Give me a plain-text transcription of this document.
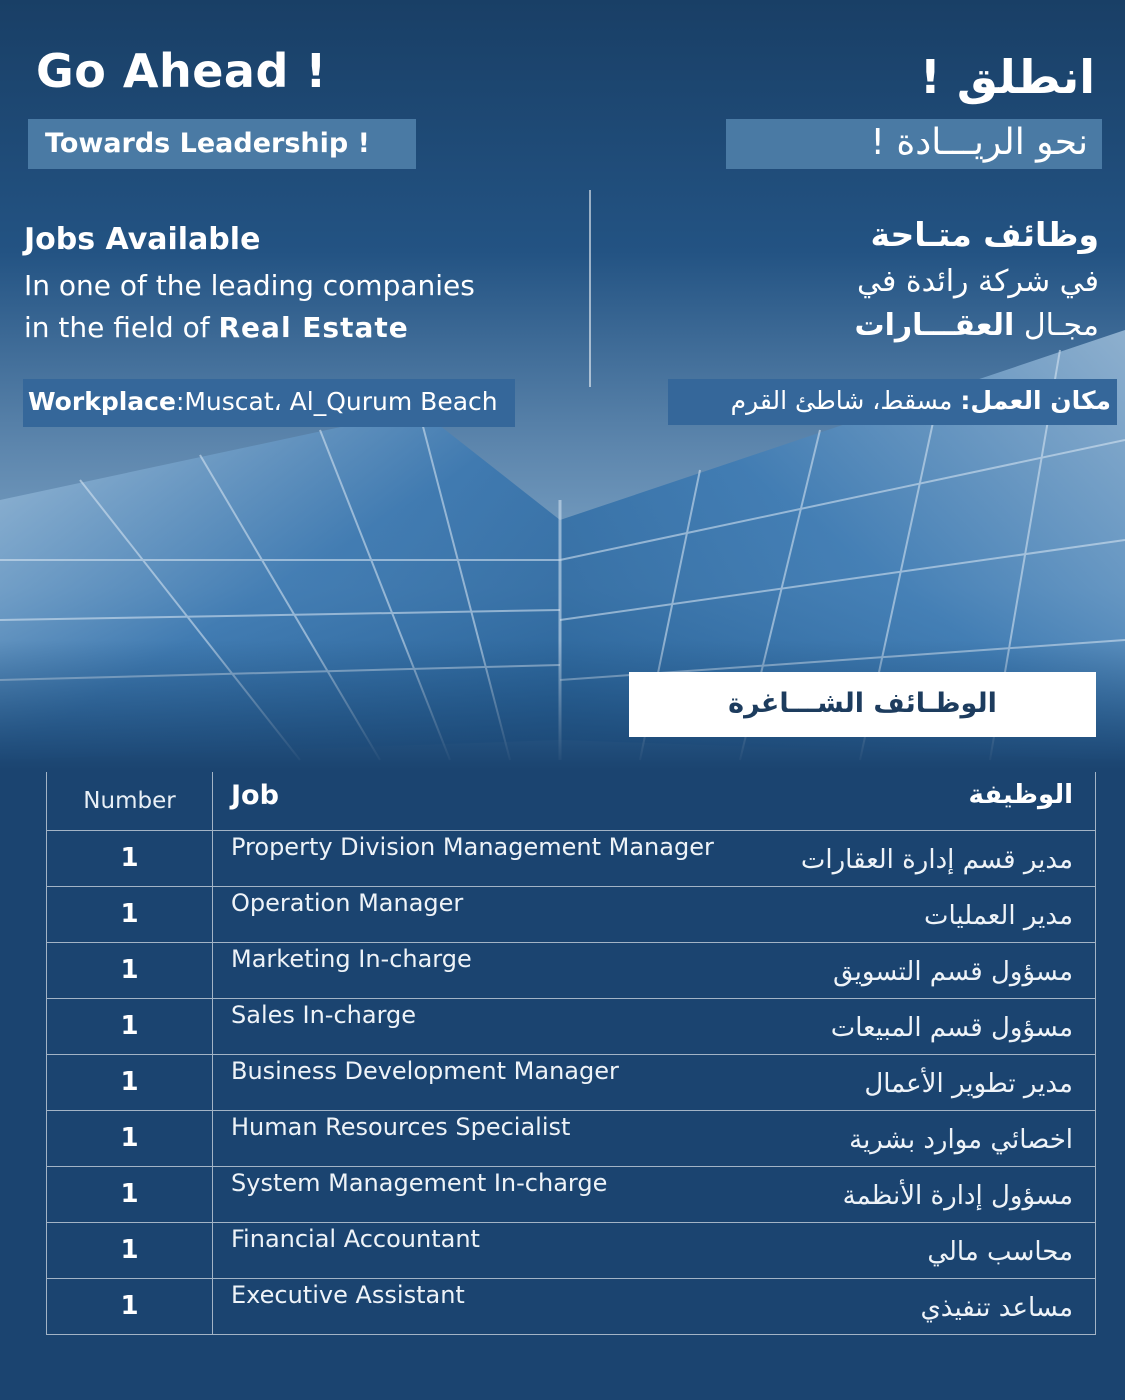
Go Ahead !
Towards Leadership !
انطلق !
نحو الريـــادة !

Jobs Available

In one of the leading companies

in the field of Real Estate

وظائف متـاحة

في شركة رائدة في

مجـال العقـــارات

Workplace:Muscat، Al_Qurum Beach	مكان العمل: مسقط، شاطئ القرم
الوظـائف الشـــاغرة
Number	Job الوظيفة

1	Property Division Management Manager مدير قسم إدارة العقارات

1	Operation Manager مدير العمليات

1	Marketing In-charge مسؤول قسم التسويق

1	Sales In-charge مسؤول قسم المبيعات

1	Business Development Manager مدير تطوير الأعمال

1	Human Resources Specialist اخصائي موارد بشرية

1	System Management In-charge مسؤول إدارة الأنظمة

1	Financial Accountant محاسب مالي

1	Executive Assistant مساعد تنفيذي
